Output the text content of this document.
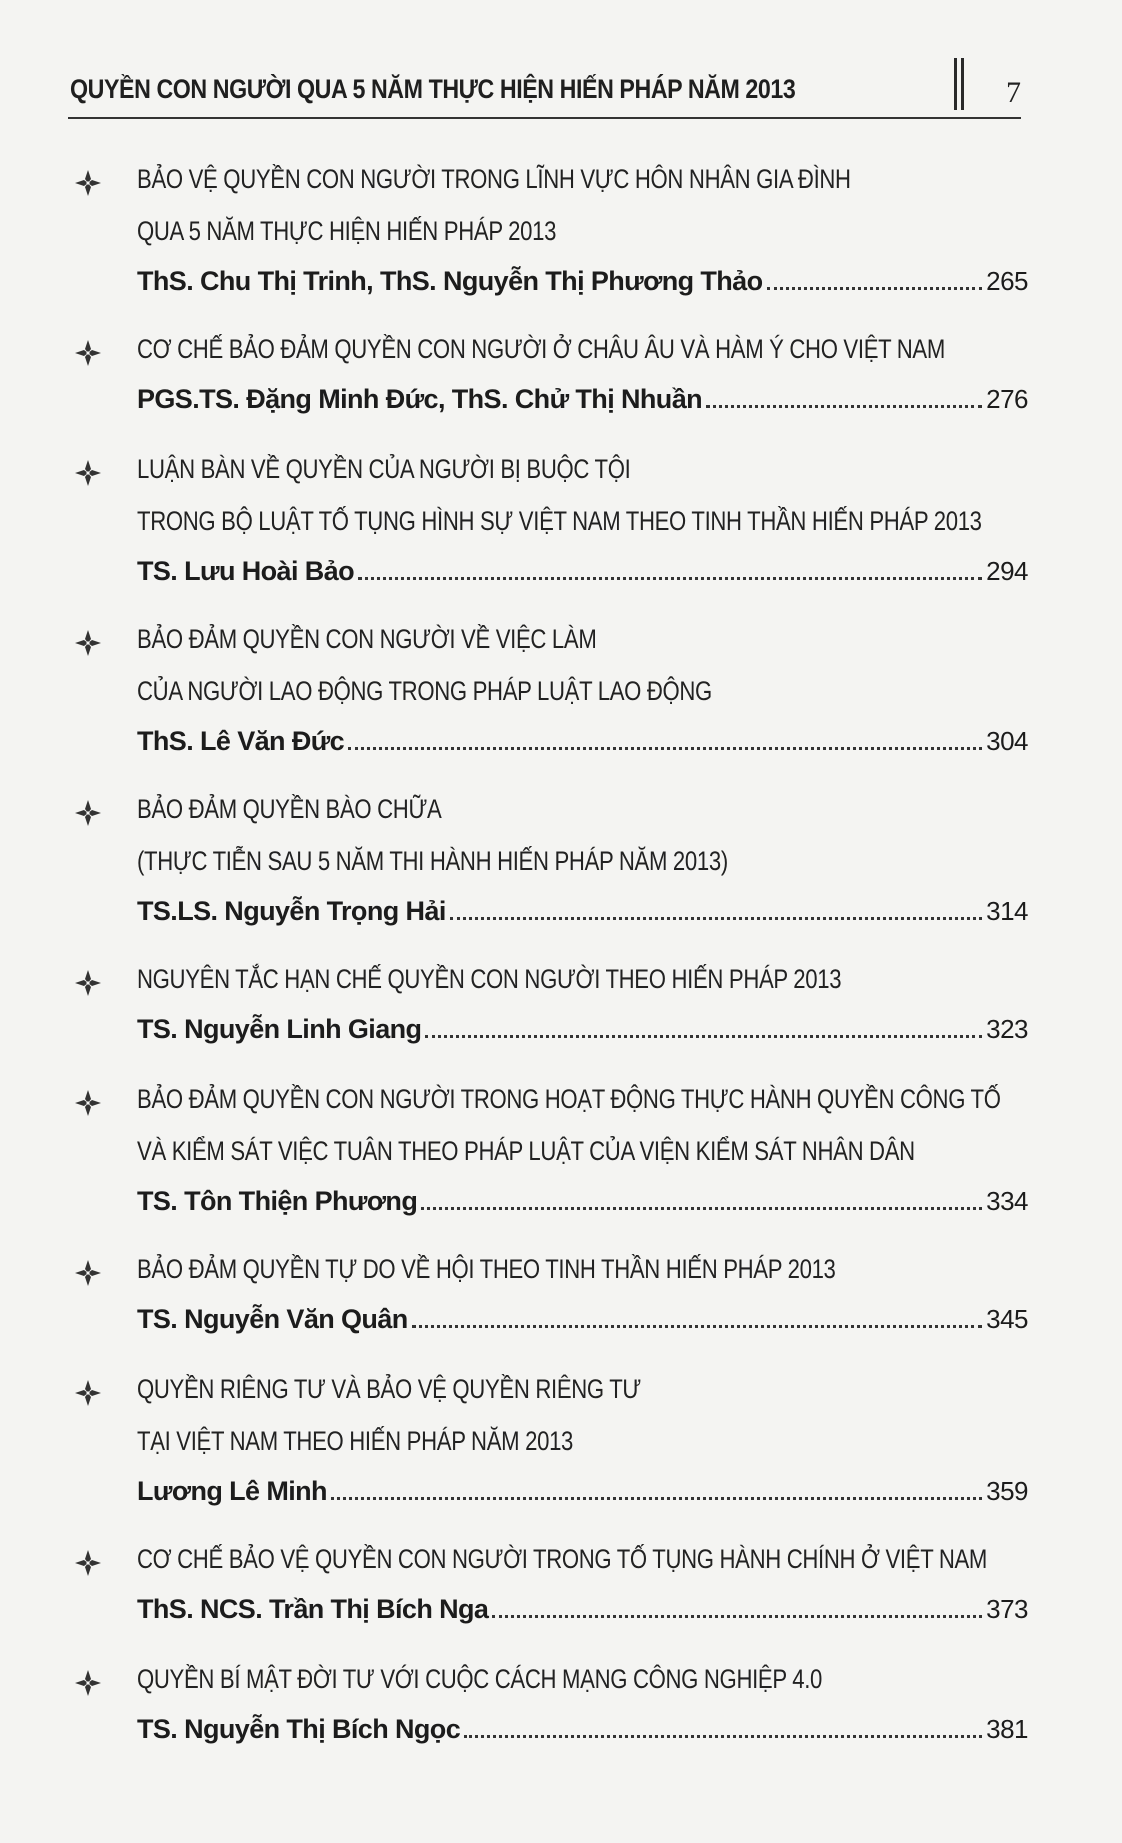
QUYỀN CON NGƯỜI QUA 5 NĂM THỰC HIỆN HIẾN PHÁP NĂM 2013	7
BẢO VỆ QUYỀN CON NGƯỜI TRONG LĨNH VỰC HÔN NHÂN GIA ĐÌNH
QUA 5 NĂM THỰC HIỆN HIẾN PHÁP 2013
ThS. Chu Thị Trinh, ThS. Nguyễn Thị Phương Thảo	265
CƠ CHẾ BẢO ĐẢM QUYỀN CON NGƯỜI Ở CHÂU ÂU VÀ HÀM Ý CHO VIỆT NAM
PGS.TS. Đặng Minh Đức, ThS. Chử Thị Nhuần	276
LUẬN BÀN VỀ QUYỀN CỦA NGƯỜI BỊ BUỘC TỘI
TRONG BỘ LUẬT TỐ TỤNG HÌNH SỰ VIỆT NAM THEO TINH THẦN HIẾN PHÁP 2013
TS. Lưu Hoài Bảo	294
BẢO ĐẢM QUYỀN CON NGƯỜI VỀ VIỆC LÀM
CỦA NGƯỜI LAO ĐỘNG TRONG PHÁP LUẬT LAO ĐỘNG
ThS. Lê Văn Đức	304
BẢO ĐẢM QUYỀN BÀO CHỮA
(THỰC TIỄN SAU 5 NĂM THI HÀNH HIẾN PHÁP NĂM 2013)
TS.LS. Nguyễn Trọng Hải	314
NGUYÊN TẮC HẠN CHẾ QUYỀN CON NGƯỜI THEO HIẾN PHÁP 2013
TS. Nguyễn Linh Giang	323
BẢO ĐẢM QUYỀN CON NGƯỜI TRONG HOẠT ĐỘNG THỰC HÀNH QUYỀN CÔNG TỐ
VÀ KIỂM SÁT VIỆC TUÂN THEO PHÁP LUẬT CỦA VIỆN KIỂM SÁT NHÂN DÂN
TS. Tôn Thiện Phương	334
BẢO ĐẢM QUYỀN TỰ DO VỀ HỘI THEO TINH THẦN HIẾN PHÁP 2013
TS. Nguyễn Văn Quân	345
QUYỀN RIÊNG TƯ VÀ BẢO VỆ QUYỀN RIÊNG TƯ
TẠI VIỆT NAM THEO HIẾN PHÁP NĂM 2013
Lương Lê Minh	359
CƠ CHẾ BẢO VỆ QUYỀN CON NGƯỜI TRONG TỐ TỤNG HÀNH CHÍNH Ở VIỆT NAM
ThS. NCS. Trần Thị Bích Nga	373
QUYỀN BÍ MẬT ĐỜI TƯ VỚI CUỘC CÁCH MẠNG CÔNG NGHIỆP 4.0
TS. Nguyễn Thị Bích Ngọc	381
